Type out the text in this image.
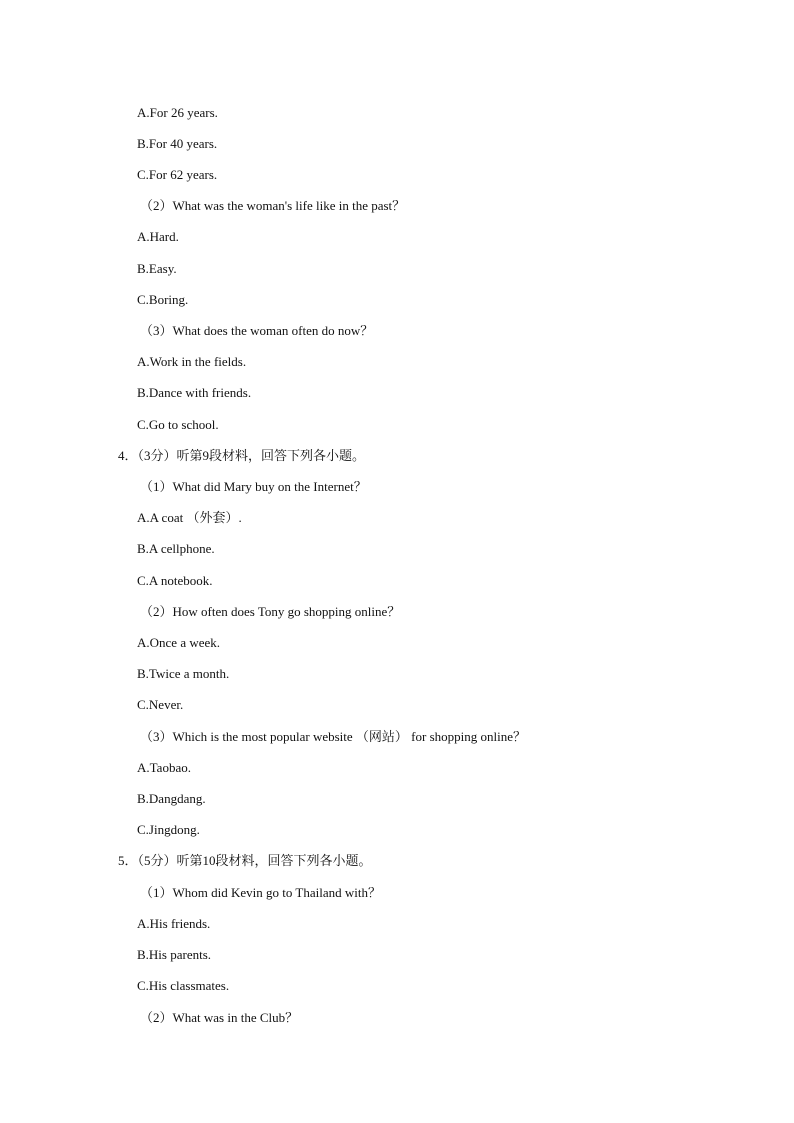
A.For 26 years.
B.For 40 years.
C.For 62 years.
（2）What was the woman's life like in the past？
A.Hard.
B.Easy.
C.Boring.
（3）What does the woman often do now？
A.Work in the fields.
B.Dance with friends.
C.Go to school.
4．（3分）听第9段材料，回答下列各小题。
（1）What did Mary buy on the Internet？
A.A coat （外套）.
B.A cellphone.
C.A notebook.
（2）How often does Tony go shopping online？
A.Once a week.
B.Twice a month.
C.Never.
（3）Which is the most popular website （网站） for shopping online？
A.Taobao.
B.Dangdang.
C.Jingdong.
5．（5分）听第10段材料，回答下列各小题。
（1）Whom did Kevin go to Thailand with？
A.His friends.
B.His parents.
C.His classmates.
（2）What was in the Club？
